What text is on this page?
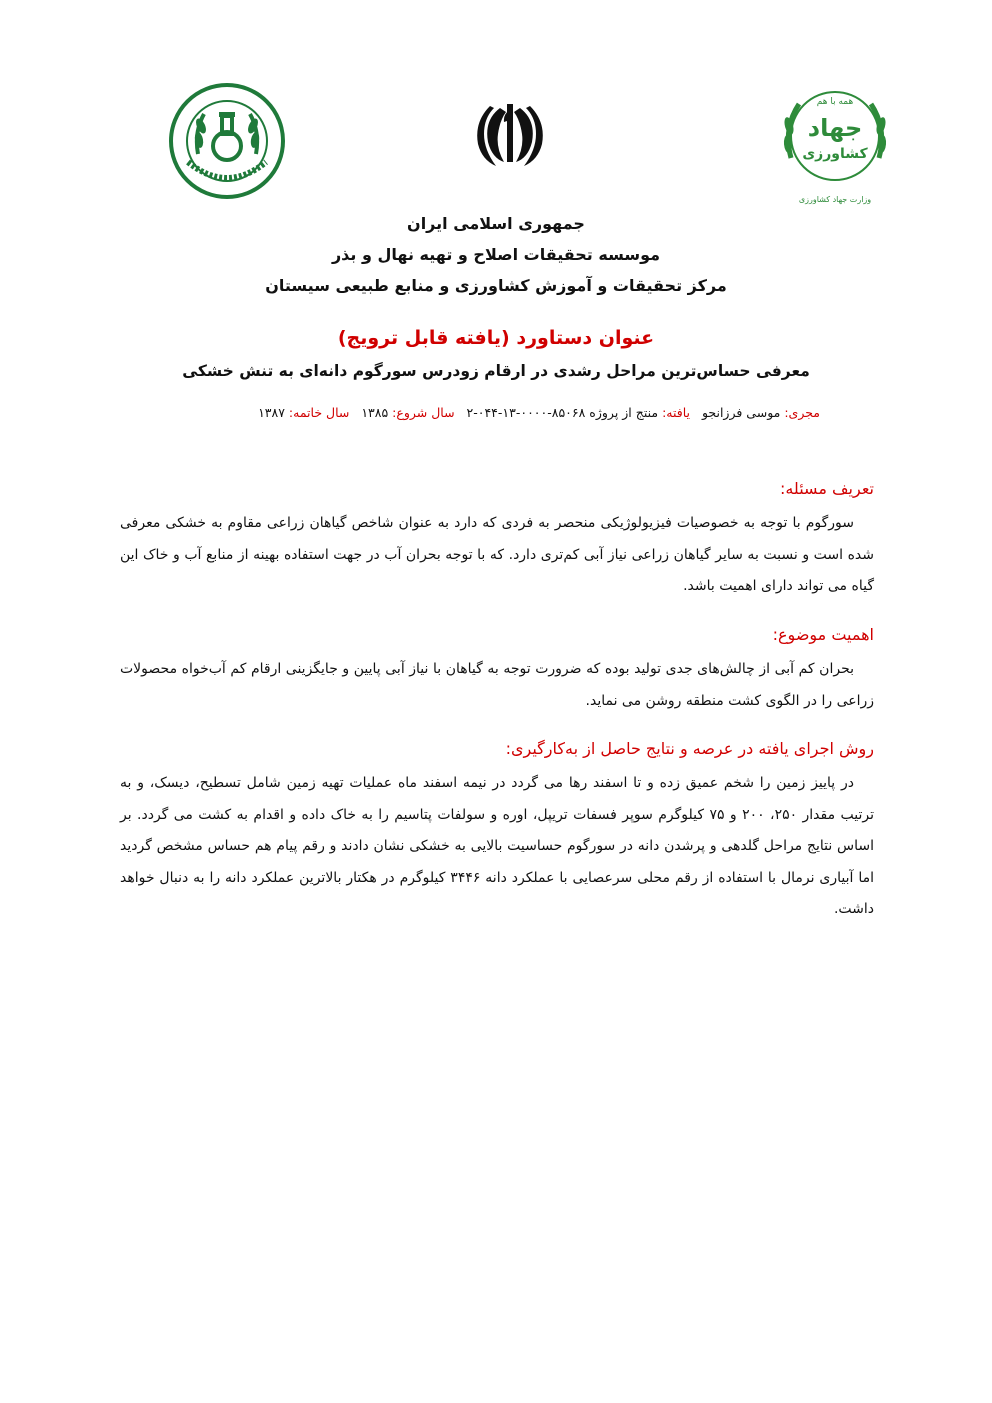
همه با هم
جهاد
کشاورزی
وزارت جهاد کشاورزی
جمهوری اسلامی ایران
موسسه تحقیقات اصلاح و تهیه نهال و بذر
مرکز تحقیقات و آموزش کشاورزی و منابع طبیعی سیستان
عنوان دستاورد (یافته قابل ترویج)
معرفی حساس‌ترین مراحل رشدی در ارقام زودرس سورگوم دانه‌ای به تنش خشکی
مجری: موسی فرزانجو   یافته: منتج از پروژه ۸۵۰۶۸-۰۰۰۰-۱۳-۰۴۴-۲   سال شروع: ۱۳۸۵   سال خاتمه: ۱۳۸۷
تعریف مسئله:

سورگوم با توجه به خصوصیات فیزیولوژیکی منحصر به فردی که دارد به عنوان شاخص گیاهان زراعی مقاوم به خشکی معرفی شده است و نسبت به سایر گیاهان زراعی نیاز آبی کم‌تری دارد. که با توجه بحران آب در جهت استفاده بهینه از منابع آب و خاک این گیاه می تواند دارای اهمیت باشد.

اهمیت موضوع:

بحران کم آبی از چالش‌های جدی تولید بوده که ضرورت توجه به گیاهان با نیاز آبی پایین و جایگزینی ارقام کم آب‌خواه محصولات زراعی را در الگوی کشت منطقه روشن می نماید.

روش اجرای یافته در عرصه و نتایج حاصل از به‌کارگیری:

در پاییز زمین را شخم عمیق زده و تا اسفند رها می گردد در نیمه اسفند ماه عملیات تهیه زمین شامل تسطیح، دیسک، و به ترتیب مقدار ۲۵۰، ۲۰۰ و ۷۵ کیلوگرم سوپر فسفات تریپل، اوره و سولفات پتاسیم را به خاک داده و اقدام به کشت می گردد. بر اساس نتایج مراحل گلدهی و پرشدن دانه در سورگوم حساسیت بالایی به خشکی نشان دادند و رقم پیام هم حساس مشخص گردید اما آبیاری نرمال با استفاده از رقم محلی سرعصایی با عملکرد دانه ۳۴۴۶ کیلوگرم در هکتار بالاترین عملکرد دانه را به دنبال خواهد داشت.
